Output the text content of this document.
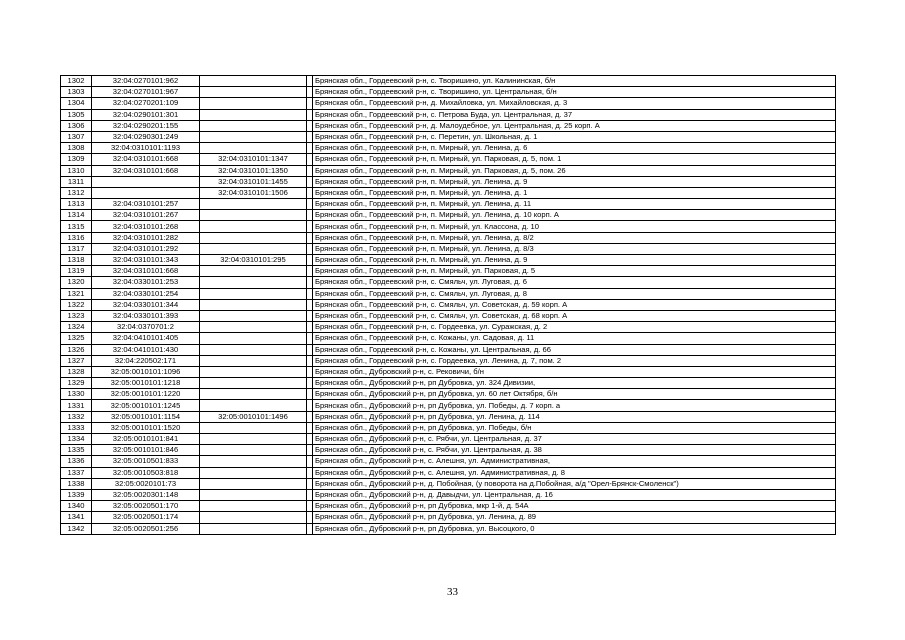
1302	32:04:0270101:962			Брянская обл., Гордеевский р-н, с. Творишино, ул. Калининская, б/н
1303	32:04:0270101:967			Брянская обл., Гордеевский р-н, с. Творишино, ул. Центральная, б/н
1304	32:04:0270201:109			Брянская обл., Гордеевский р-н, д. Михайловка, ул. Михайловская, д. 3
1305	32:04:0290101:301			Брянская обл., Гордеевский р-н, с. Петрова Буда, ул. Центральная, д. 37
1306	32:04:0290201:155			Брянская обл., Гордеевский р-н, д. Малоудебное, ул. Центральная, д. 25 корп. А
1307	32:04:0290301:249			Брянская обл., Гордеевский р-н, с. Перетин, ул. Школьная, д. 1
1308	32:04:0310101:1193			Брянская обл., Гордеевский р-н, п. Мирный, ул. Ленина, д. 6
1309	32:04:0310101:668	32:04:0310101:1347		Брянская обл., Гордеевский р-н, п. Мирный, ул. Парковая, д. 5, пом. 1
1310	32:04:0310101:668	32:04:0310101:1350		Брянская обл., Гордеевский р-н, п. Мирный, ул. Парковая, д. 5, пом. 26
1311		32:04:0310101:1455		Брянская обл., Гордеевский р-н, п. Мирный, ул. Ленина, д. 9
1312		32:04:0310101:1506		Брянская обл., Гордеевский р-н, п. Мирный, ул. Ленина, д. 1
1313	32:04:0310101:257			Брянская обл., Гордеевский р-н, п. Мирный, ул. Ленина, д. 11
1314	32:04:0310101:267			Брянская обл., Гордеевский р-н, п. Мирный, ул. Ленина, д. 10 корп. А
1315	32:04:0310101:268			Брянская обл., Гордеевский р-н, п. Мирный, ул. Классона, д. 10
1316	32:04:0310101:282			Брянская обл., Гордеевский р-н, п. Мирный, ул. Ленина, д. 8/2
1317	32:04:0310101:292			Брянская обл., Гордеевский р-н, п. Мирный, ул. Ленина, д. 8/3
1318	32:04:0310101:343	32:04:0310101:295		Брянская обл., Гордеевский р-н, п. Мирный, ул. Ленина, д. 9
1319	32:04:0310101:668			Брянская обл., Гордеевский р-н, п. Мирный, ул. Парковая, д. 5
1320	32:04:0330101:253			Брянская обл., Гордеевский р-н, с. Смяльч, ул. Луговая, д. 6
1321	32:04:0330101:254			Брянская обл., Гордеевский р-н, с. Смяльч, ул. Луговая, д. 8
1322	32:04:0330101:344			Брянская обл., Гордеевский р-н, с. Смяльч, ул. Советская, д. 59 корп. А
1323	32:04:0330101:393			Брянская обл., Гордеевский р-н, с. Смяльч, ул. Советская, д. 68 корп. А
1324	32:04:0370701:2			Брянская обл., Гордеевский р-н, с. Гордеевка, ул. Суражская, д. 2
1325	32:04:0410101:405			Брянская обл., Гордеевский р-н, с. Кожаны, ул. Садовая, д. 11
1326	32:04:0410101:430			Брянская обл., Гордеевский р-н, с. Кожаны, ул. Центральная, д. 66
1327	32:04:220502:171			Брянская обл., Гордеевский р-н, с. Гордеевка, ул. Ленина, д. 7, пом. 2
1328	32:05:0010101:1096			Брянская обл., Дубровский р-н, с. Рековичи, б/н
1329	32:05:0010101:1218			Брянская обл., Дубровский р-н, рп Дубровка, ул. 324 Дивизии,
1330	32:05:0010101:1220			Брянская обл., Дубровский р-н, рп Дубровка, ул. 60 лет Октября, б/н
1331	32:05:0010101:1245			Брянская обл., Дубровский р-н, рп Дубровка, ул. Победы, д. 7 корп. а
1332	32:05:0010101:1154	32:05:0010101:1496		Брянская обл., Дубровский р-н, рп Дубровка, ул. Ленина, д. 114
1333	32:05:0010101:1520			Брянская обл., Дубровский р-н, рп Дубровка, ул. Победы, б/н
1334	32:05:0010101:841			Брянская обл., Дубровский р-н, с. Рябчи, ул. Центральная, д. 37
1335	32:05:0010101:846			Брянская обл., Дубровский р-н, с. Рябчи, ул. Центральная, д. 38
1336	32:05:0010501:833			Брянская обл., Дубровский р-н, с. Алешня, ул. Административная,
1337	32:05:0010503:818			Брянская обл., Дубровский р-н, с. Алешня, ул. Административная, д. 8
1338	32:05:0020101:73			Брянская обл., Дубровский р-н, д. Побойная, (у поворота на д.Побойная, а/д "Орел-Брянск-Смоленск")
1339	32:05:0020301:148			Брянская обл., Дубровский р-н, д. Давыдчи, ул. Центральная, д. 16
1340	32:05:0020501:170			Брянская обл., Дубровский р-н, рп Дубровка, мкр 1-й, д. 54А
1341	32:05:0020501:174			Брянская обл., Дубровский р-н, рп Дубровка, ул. Ленина, д. 89
1342	32:05:0020501:256			Брянская обл., Дубровский р-н, рп Дубровка, ул. Высоцкого, 0
33
